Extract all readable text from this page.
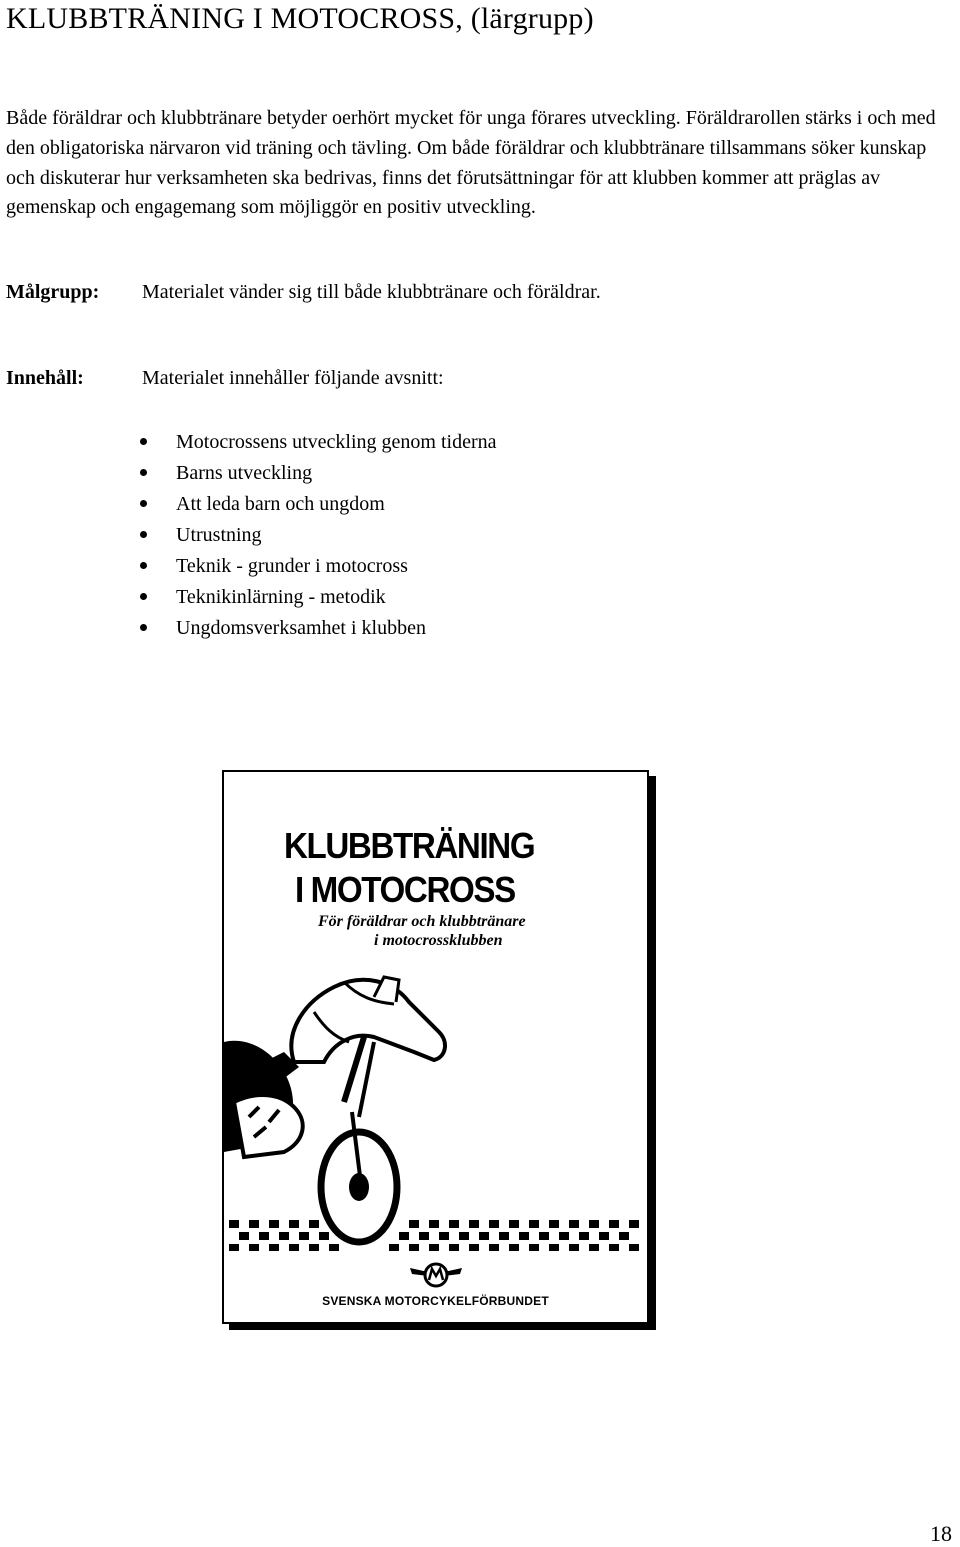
KLUBBTRÄNING I MOTOCROSS, (lärgrupp)

Både föräldrar och klubbtränare betyder oerhört mycket för unga förares utveckling. Föräldrarollen stärks i och med den obligatoriska närvaron vid träning och tävling. Om både föräldrar och klubbtränare tillsammans söker kunskap och diskuterar hur verksamheten ska bedrivas, finns det förutsättningar för att klubben kommer att präglas av gemenskap och engagemang som möjliggör en positiv utveckling.

Målgrupp: Materialet vänder sig till både klubbtränare och föräldrar.
Innehåll:	Materialet innehåller följande avsnitt:
Motocrossens utveckling genom tiderna
Barns utveckling
Att leda barn och ungdom
Utrustning
Teknik - grunder i motocross
Teknikinlärning - metodik
Ungdomsverksamhet i klubben
KLUBBTRÄNING
I MOTOCROSS

För föräldrar och klubbtränare
i motocrossklubben

SVENSKA MOTORCYKELFÖRBUNDET

18
